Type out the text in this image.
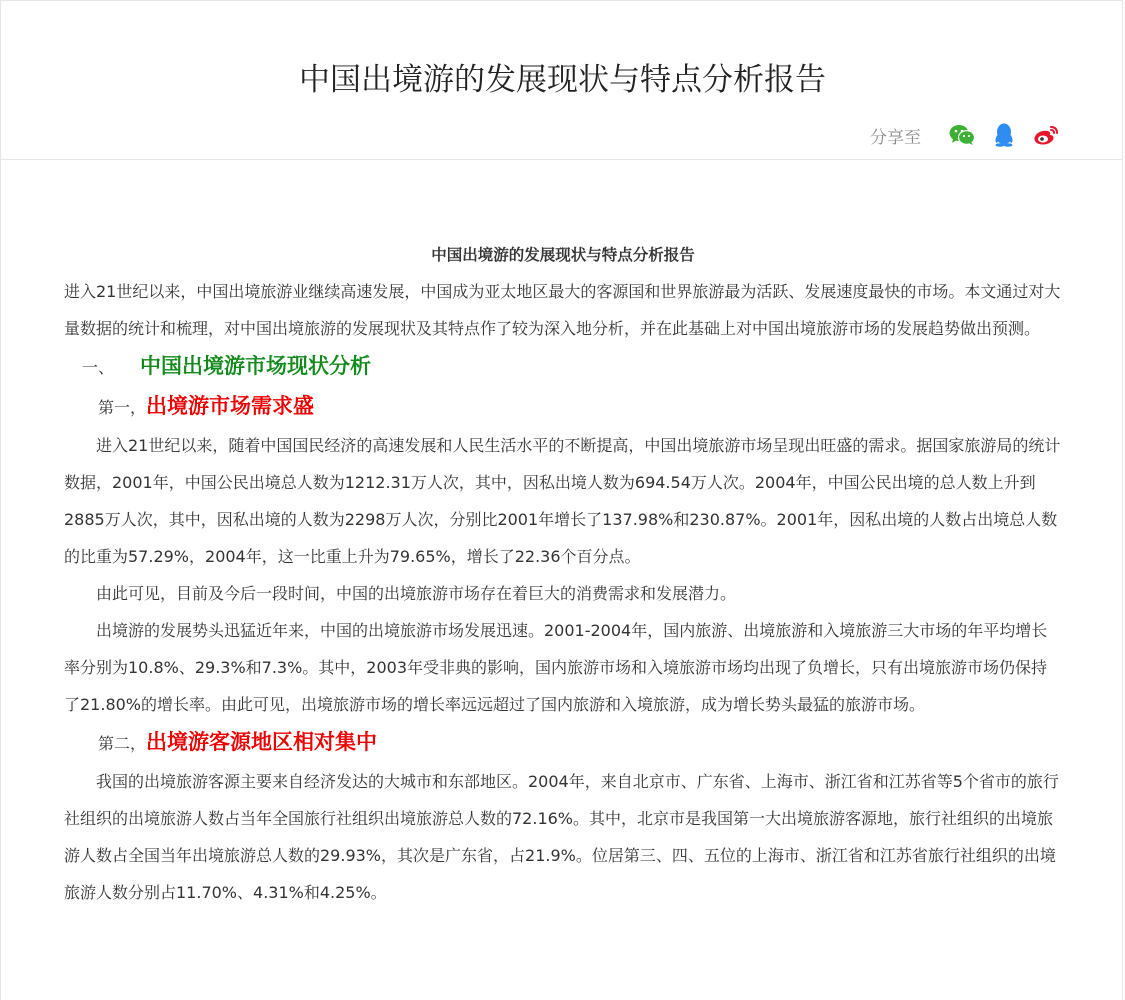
中国出境游的发展现状与特点分析报告
分享至

中国出境游的发展现状与特点分析报告

进入21世纪以来，中国出境旅游业继续高速发展，中国成为亚太地区最大的客源国和世界旅游最为活跃、发展速度最快的市场。本文通过对大量数据的统计和梳理，对中国出境旅游的发展现状及其特点作了较为深入地分析，并在此基础上对中国出境旅游市场的发展趋势做出预测。

一、 中国出境游市场现状分析

第一，出境游市场需求盛

进入21世纪以来，随着中国国民经济的高速发展和人民生活水平的不断提高，中国出境旅游市场呈现出旺盛的需求。据国家旅游局的统计数据，2001年，中国公民出境总人数为1212.31万人次，其中，因私出境人数为694.54万人次。2004年，中国公民出境的总人数上升到2885万人次，其中，因私出境的人数为2298万人次，分别比2001年增长了137.98%和230.87%。2001年，因私出境的人数占出境总人数的比重为57.29%，2004年，这一比重上升为79.65%，增长了22.36个百分点。

由此可见，目前及今后一段时间，中国的出境旅游市场存在着巨大的消费需求和发展潜力。

出境游的发展势头迅猛近年来，中国的出境旅游市场发展迅速。2001-2004年，国内旅游、出境旅游和入境旅游三大市场的年平均增长率分别为10.8%、29.3%和7.3%。其中，2003年受非典的影响，国内旅游市场和入境旅游市场均出现了负增长，只有出境旅游市场仍保持了21.80%的增长率。由此可见，出境旅游市场的增长率远远超过了国内旅游和入境旅游，成为增长势头最猛的旅游市场。

第二，出境游客源地区相对集中

我国的出境旅游客源主要来自经济发达的大城市和东部地区。2004年，来自北京市、广东省、上海市、浙江省和江苏省等5个省市的旅行社组织的出境旅游人数占当年全国旅行社组织出境旅游总人数的72.16%。其中，北京市是我国第一大出境旅游客源地，旅行社组织的出境旅游人数占全国当年出境旅游总人数的29.93%，其次是广东省，占21.9%。位居第三、四、五位的上海市、浙江省和江苏省旅行社组织的出境旅游人数分别占11.70%、4.31%和4.25%。
